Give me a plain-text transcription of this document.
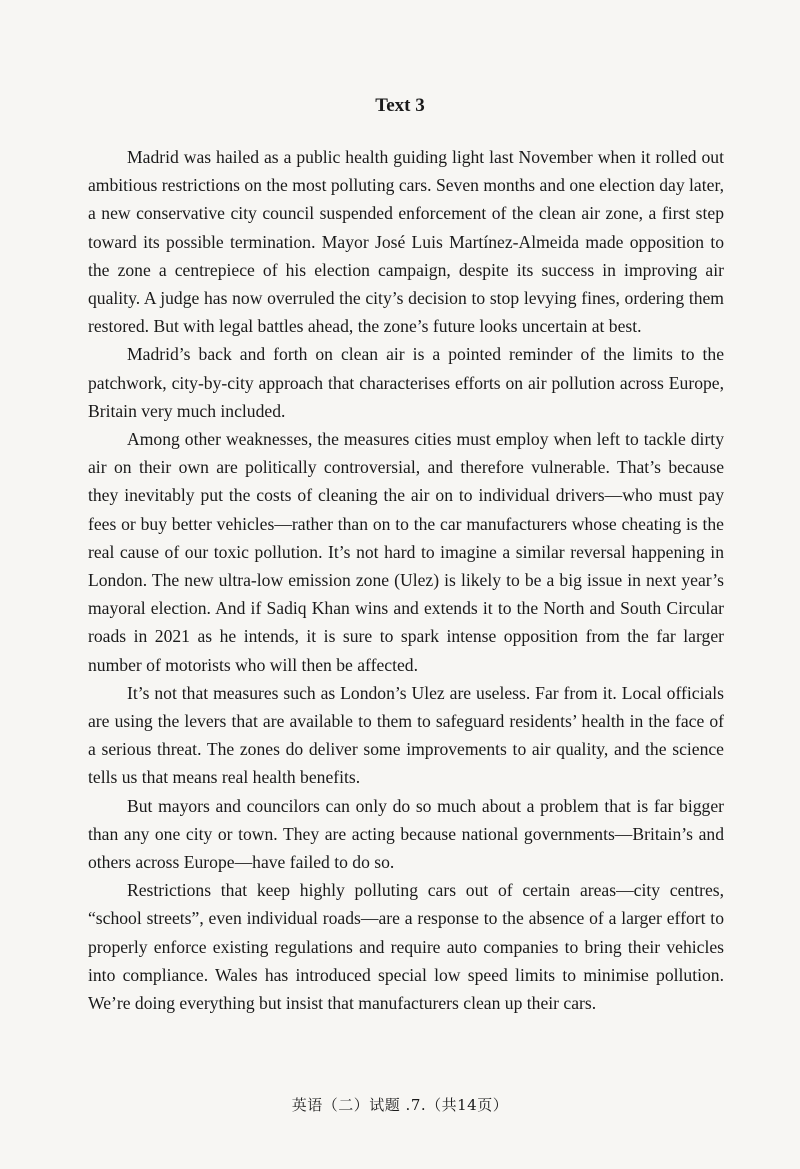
Text 3

Madrid was hailed as a public health guiding light last November when it rolled out ambitious restrictions on the most polluting cars. Seven months and one election day later, a new conservative city council suspended enforcement of the clean air zone, a first step toward its possible termination. Mayor José Luis Martínez-Almeida made opposition to the zone a centrepiece of his election campaign, despite its success in improving air quality. A judge has now overruled the city’s decision to stop levying fines, ordering them restored. But with legal battles ahead, the zone’s future looks uncertain at best.

Madrid’s back and forth on clean air is a pointed reminder of the limits to the patchwork, city-by-city approach that characterises efforts on air pollution across Europe, Britain very much included.

Among other weaknesses, the measures cities must employ when left to tackle dirty air on their own are politically controversial, and therefore vulnerable. That’s because they inevitably put the costs of cleaning the air on to individual drivers—who must pay fees or buy better vehicles—rather than on to the car manufacturers whose cheating is the real cause of our toxic pollution. It’s not hard to imagine a similar reversal happening in London. The new ultra-low emission zone (Ulez) is likely to be a big issue in next year’s mayoral election. And if Sadiq Khan wins and extends it to the North and South Circular roads in 2021 as he intends, it is sure to spark intense opposition from the far larger number of motorists who will then be affected.

It’s not that measures such as London’s Ulez are useless. Far from it. Local officials are using the levers that are available to them to safeguard residents’ health in the face of a serious threat. The zones do deliver some improvements to air quality, and the science tells us that means real health benefits.

But mayors and councilors can only do so much about a problem that is far bigger than any one city or town. They are acting because national governments—Britain’s and others across Europe—have failed to do so.

Restrictions that keep highly polluting cars out of certain areas—city centres, “school streets”, even individual roads—are a response to the absence of a larger effort to properly enforce existing regulations and require auto companies to bring their vehicles into compliance. Wales has introduced special low speed limits to minimise pollution. We’re doing everything but insist that manufacturers clean up their cars.

英语（二）试题 .7.（共14页）
